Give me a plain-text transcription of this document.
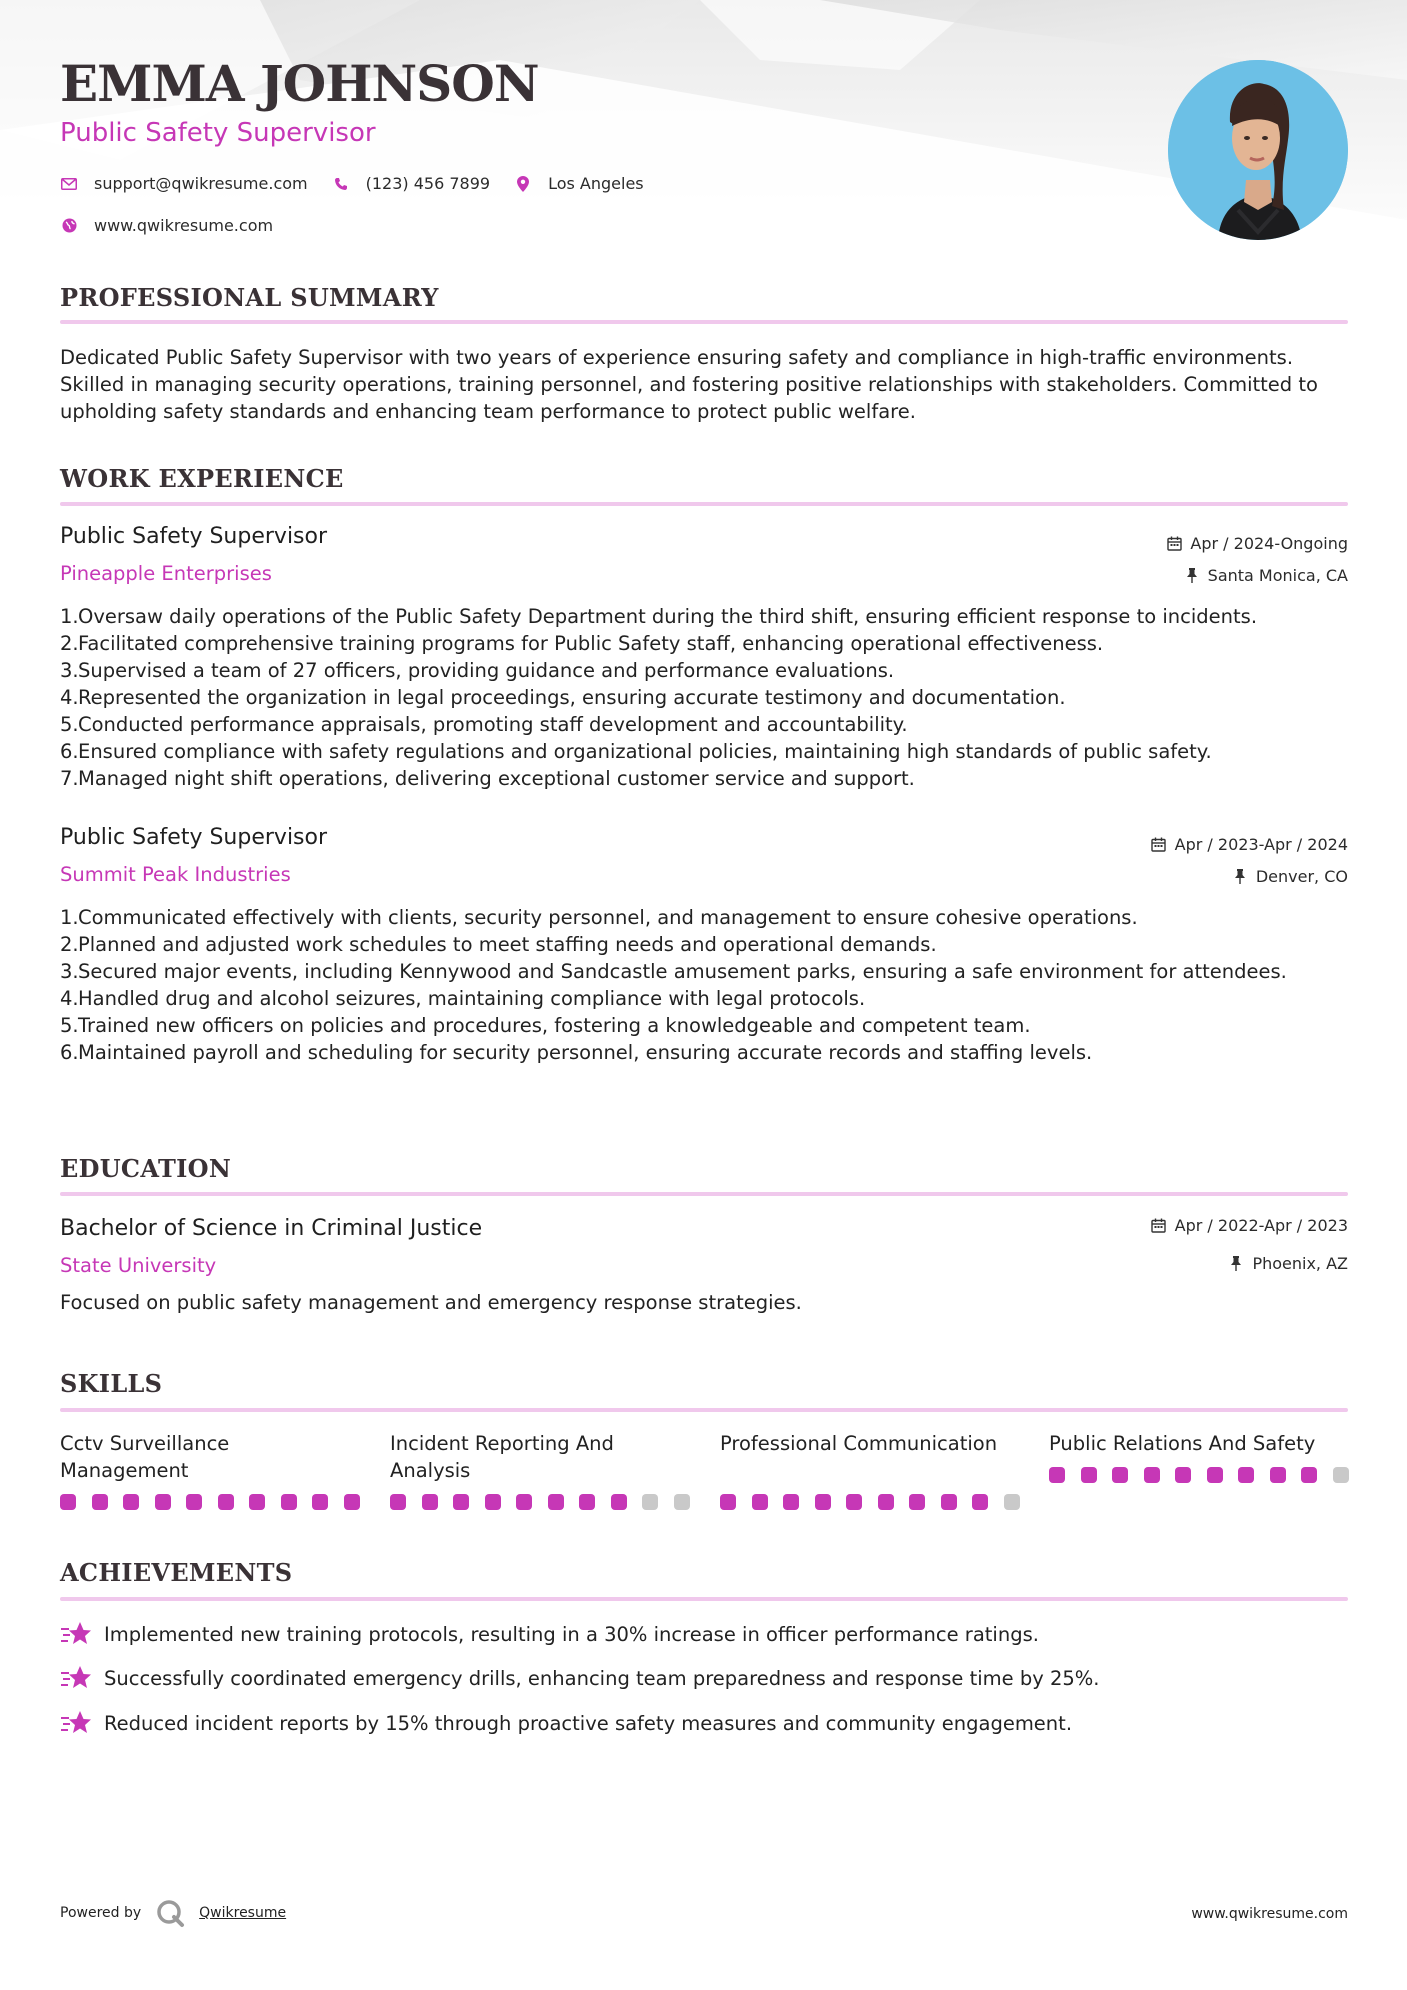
EMMA JOHNSON
Public Safety Supervisor
support@qwikresume.com	(123) 456 7899	Los Angeles
www.qwikresume.com
PROFESSIONAL SUMMARY
Dedicated Public Safety Supervisor with two years of experience ensuring safety and compliance in high-traffic environments. Skilled in managing security operations, training personnel, and fostering positive relationships with stakeholders. Committed to upholding safety standards and enhancing team performance to protect public welfare.
WORK EXPERIENCE
Public Safety Supervisor
Pineapple Enterprises
Apr / 2024-Ongoing
Santa Monica, CA
1. Oversaw daily operations of the Public Safety Department during the third shift, ensuring efficient response to incidents.
2. Facilitated comprehensive training programs for Public Safety staff, enhancing operational effectiveness.
3. Supervised a team of 27 officers, providing guidance and performance evaluations.
4. Represented the organization in legal proceedings, ensuring accurate testimony and documentation.
5. Conducted performance appraisals, promoting staff development and accountability.
6. Ensured compliance with safety regulations and organizational policies, maintaining high standards of public safety.
7. Managed night shift operations, delivering exceptional customer service and support.
Public Safety Supervisor
Summit Peak Industries
Apr / 2023-Apr / 2024
Denver, CO
1. Communicated effectively with clients, security personnel, and management to ensure cohesive operations.
2. Planned and adjusted work schedules to meet staffing needs and operational demands.
3. Secured major events, including Kennywood and Sandcastle amusement parks, ensuring a safe environment for attendees.
4. Handled drug and alcohol seizures, maintaining compliance with legal protocols.
5. Trained new officers on policies and procedures, fostering a knowledgeable and competent team.
6. Maintained payroll and scheduling for security personnel, ensuring accurate records and staffing levels.
EDUCATION
Bachelor of Science in Criminal Justice
State University
Apr / 2022-Apr / 2023
Phoenix, AZ
Focused on public safety management and emergency response strategies.
SKILLS
Cctv Surveillance Management
Incident Reporting And Analysis
Professional Communication	Public Relations And Safety
ACHIEVEMENTS
Implemented new training protocols, resulting in a 30% increase in officer performance ratings.
Successfully coordinated emergency drills, enhancing team preparedness and response time by 25%.
Reduced incident reports by 15% through proactive safety measures and community engagement.
Powered by	Qwikresume	www.qwikresume.com
